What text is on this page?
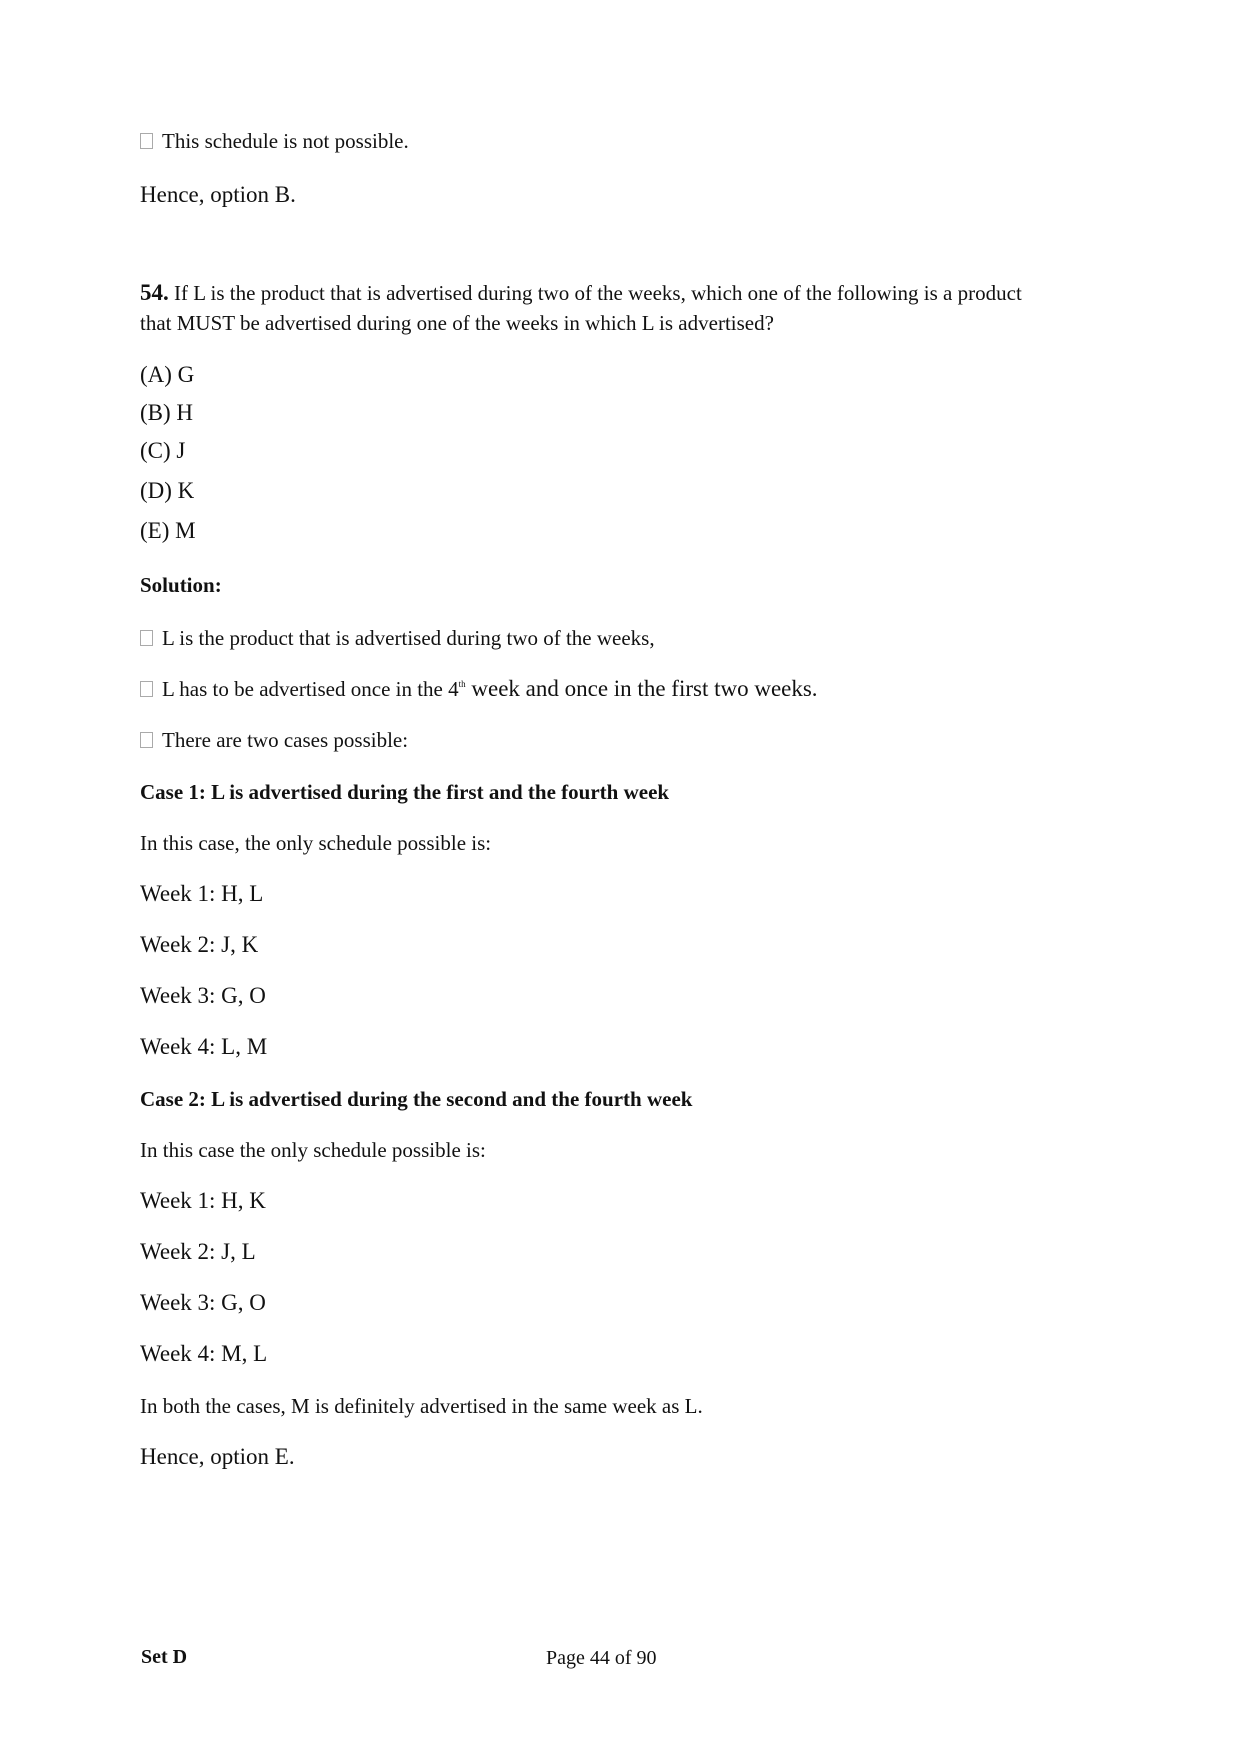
This schedule is not possible.
Hence, option B.
54. If L is the product that is advertised during two of the weeks, which one of the following is a product
that MUST be advertised during one of the weeks in which L is advertised?
(A) G
(B) H
(C) J
(D) K
(E) M
Solution:
L is the product that is advertised during two of the weeks,
L has to be advertised once in the 4th week and once in the first two weeks.
There are two cases possible:
Case 1: L is advertised during the first and the fourth week
In this case, the only schedule possible is:
Week 1: H, L
Week 2: J, K
Week 3: G, O
Week 4: L, M
Case 2: L is advertised during the second and the fourth week
In this case the only schedule possible is:
Week 1: H, K
Week 2: J, L
Week 3: G, O
Week 4: M, L
In both the cases, M is definitely advertised in the same week as L.
Hence, option E.
Set D	Page 44 of 90
